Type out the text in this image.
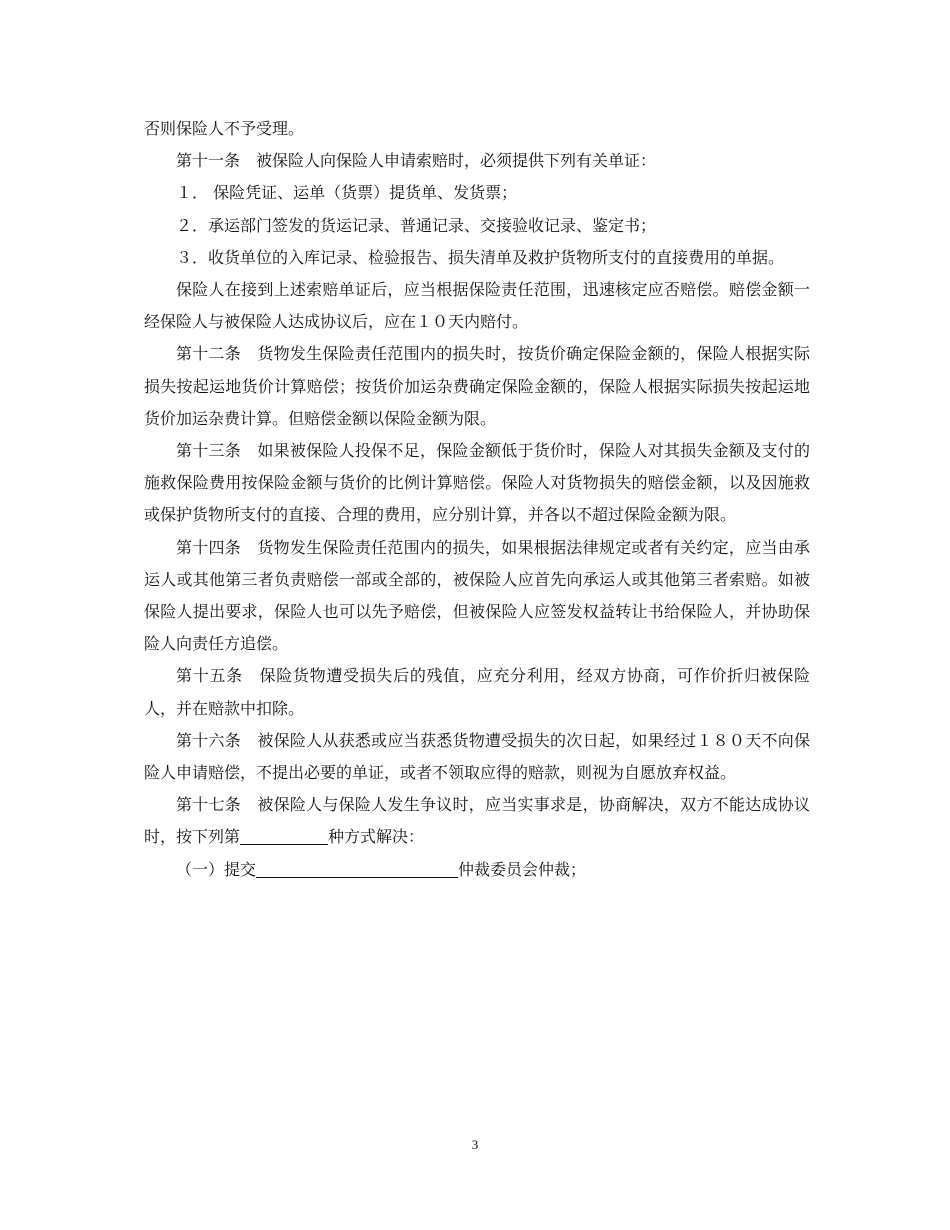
否则保险人不予受理。

第十一条　被保险人向保险人申请索赔时，必须提供下列有关单证：

１． 保险凭证、运单（货票）提货单、发货票；

２．承运部门签发的货运记录、普通记录、交接验收记录、鉴定书；

３．收货单位的入库记录、检验报告、损失清单及救护货物所支付的直接费用的单据。

保险人在接到上述索赔单证后，应当根据保险责任范围，迅速核定应否赔偿。赔偿金额一经保险人与被保险人达成协议后，应在１０天内赔付。

第十二条　货物发生保险责任范围内的损失时，按货价确定保险金额的，保险人根据实际损失按起运地货价计算赔偿；按货价加运杂费确定保险金额的，保险人根据实际损失按起运地货价加运杂费计算。但赔偿金额以保险金额为限。

第十三条　如果被保险人投保不足，保险金额低于货价时，保险人对其损失金额及支付的施救保险费用按保险金额与货价的比例计算赔偿。保险人对货物损失的赔偿金额，以及因施救或保护货物所支付的直接、合理的费用，应分别计算，并各以不超过保险金额为限。

第十四条　货物发生保险责任范围内的损失，如果根据法律规定或者有关约定，应当由承运人或其他第三者负责赔偿一部或全部的，被保险人应首先向承运人或其他第三者索赔。如被保险人提出要求，保险人也可以先予赔偿，但被保险人应签发权益转让书给保险人，并协助保险人向责任方追偿。

第十五条　保险货物遭受损失后的残值，应充分利用，经双方协商，可作价折归被保险人，并在赔款中扣除。

第十六条　被保险人从获悉或应当获悉货物遭受损失的次日起，如果经过１８０天不向保险人申请赔偿，不提出必要的单证，或者不领取应得的赔款，则视为自愿放弃权益。

第十七条　被保险人与保险人发生争议时，应当实事求是，协商解决，双方不能达成协议时，按下列第	种方式解决：

（一）提交	仲裁委员会仲裁；

3
